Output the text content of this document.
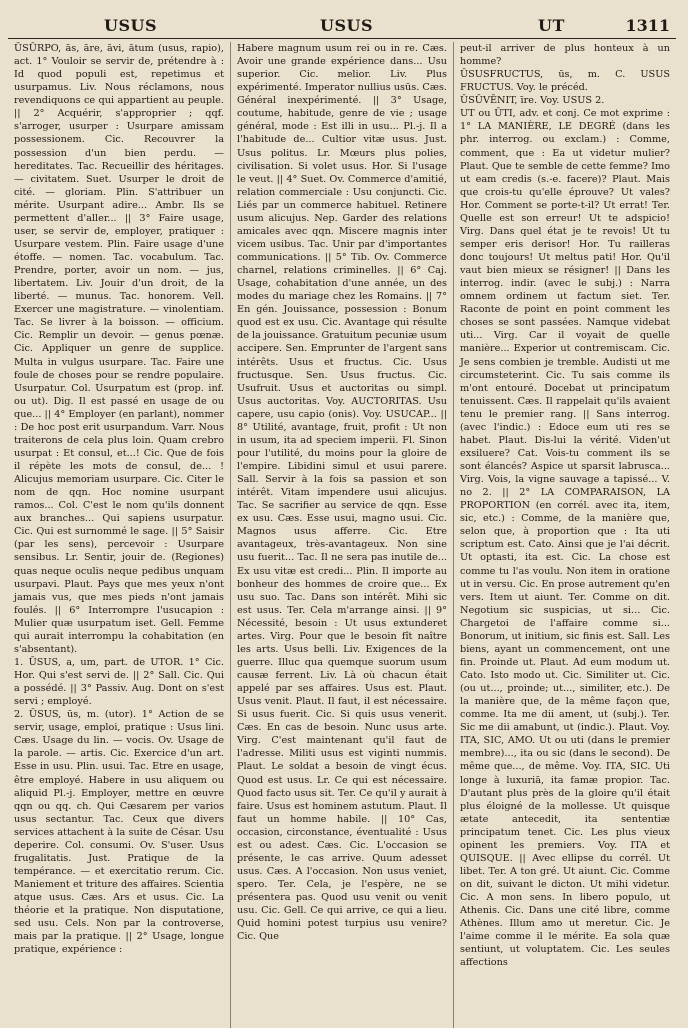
USUS	USUS	UT	1311

ŪSŪRPO, ās, āre, āvi, ātum (usus, rapio), act. 1° Vouloir se servir de, prétendre à : Id quod populi est, repetimus et usurpamus. Liv. Nous réclamons, nous revendiquons ce qui appartient au peuple. || 2° Acquérir, s'approprier ; qqf. s'arroger, usurper : Usurpare amissam possessionem. Cic. Recouvrer la possession d'un bien perdu. — hereditates. Tac. Recueillir des héritages. — civitatem. Suet. Usurper le droit de cité. — gloriam. Plin. S'attribuer un mérite. Usurpant adire... Ambr. Ils se permettent d'aller... || 3° Faire usage, user, se servir de, employer, pratiquer : Usurpare vestem. Plin. Faire usage d'une étoffe. — nomen. Tac. vocabulum. Tac. Prendre, porter, avoir un nom. — jus, libertatem. Liv. Jouir d'un droit, de la liberté. — munus. Tac. honorem. Vell. Exercer une magistrature. — vinolentiam. Tac. Se livrer à la boisson. — officium. Cic. Remplir un devoir. — genus pœnæ. Cic. Appliquer un genre de supplice. Multa in vulgus usurpare. Tac. Faire une foule de choses pour se rendre populaire. Usurpatur. Col. Usurpatum est (prop. inf. ou ut). Dig. Il est passé en usage de ou que... || 4° Employer (en parlant), nommer : De hoc post erit usurpandum. Varr. Nous traiterons de cela plus loin. Quam crebro usurpat : Et consul, et...! Cic. Que de fois il répète les mots de consul, de... ! Alicujus memoriam usurpare. Cic. Citer le nom de qqn. Hoc nomine usurpant ramos... Col. C'est le nom qu'ils donnent aux branches... Qui sapiens usurpatur. Cic. Qui est surnommé le sage. || 5° Saisir (par les sens), percevoir : Usurpare sensibus. Lr. Sentir, jouir de. (Regiones) quas neque oculis neque pedibus unquam usurpavi. Plaut. Pays que mes yeux n'ont jamais vus, que mes pieds n'ont jamais foulés. || 6° Interrompre l'usucapion : Mulier quæ usurpatum iset. Gell. Femme qui aurait interrompu la cohabitation (en s'absentant).

1. ŪSUS, a, um, part. de UTOR. 1° Cic. Hor. Qui s'est servi de. || 2° Sall. Cic. Qui a possédé. || 3° Passiv. Aug. Dont on s'est servi ; employé.

2. ŪSUS, ūs, m. (utor). 1° Action de se servir, usage, emploi, pratique : Usus lini. Cæs. Usage du lin. — vocis. Ov. Usage de la parole. — artis. Cic. Exercice d'un art. Esse in usu. Plin. usui. Tac. Etre en usage, être employé. Habere in usu aliquem ou aliquid Pl.-j. Employer, mettre en œuvre qqn ou qq. ch. Qui Cæsarem per varios usus sectantur. Tac. Ceux que divers services attachent à la suite de César. Usu deperire. Col. consumi. Ov. S'user. Usus frugalitatis. Just. Pratique de la tempérance. — et exercitatio rerum. Cic. Maniement et triture des affaires. Scientia atque usus. Cæs. Ars et usus. Cic. La théorie et la pratique. Non disputatione, sed usu. Cels. Non par la controverse, mais par la pratique. || 2° Usage, longue pratique, expérience :

Habere magnum usum rei ou in re. Cæs. Avoir une grande expérience dans... Usu superior. Cic. melior. Liv. Plus expérimenté. Imperator nullius usūs. Cæs. Général inexpérimenté. || 3° Usage, coutume, habitude, genre de vie ; usage général, mode : Est illi in usu... Pl.-j. Il a l'habitude de... Cultior vitæ usus. Just. Usus politus. Lr. Mœurs plus polies, civilisation. Si volet usus. Hor. Si l'usage le veut. || 4° Suet. Ov. Commerce d'amitié, relation commerciale : Usu conjuncti. Cic. Liés par un commerce habituel. Retinere usum alicujus. Nep. Garder des relations amicales avec qqn. Miscere magnis inter vicem usibus. Tac. Unir par d'importantes communications. || 5° Tib. Ov. Commerce charnel, relations criminelles. || 6° Caj. Usage, cohabitation d'une année, un des modes du mariage chez les Romains. || 7° En gén. Jouissance, possession : Bonum quod est ex usu. Cic. Avantage qui résulte de la jouissance. Gratuitum pecuniæ usum accipere. Sen. Emprunter de l'argent sans intérêts. Usus et fructus. Cic. Usus fructusque. Sen. Usus fructus. Cic. Usufruit. Usus et auctoritas ou simpl. Usus auctoritas. Voy. AUCTORITAS. Usu capere, usu capio (onis). Voy. USUCAP... || 8° Utilité, avantage, fruit, profit : Ut non in usum, ita ad speciem imperii. Fl. Sinon pour l'utilité, du moins pour la gloire de l'empire. Libidini simul et usui parere. Sall. Servir à la fois sa passion et son intérêt. Vitam impendere usui alicujus. Tac. Se sacrifier au service de qqn. Esse ex usu. Cæs. Esse usui, magno usui. Cic. Magnos usus afferre. Cic. Etre avantageux, très-avantageux. Non sine usu fuerit... Tac. Il ne sera pas inutile de... Ex usu vitæ est credi... Plin. Il importe au bonheur des hommes de croire que... Ex usu suo. Tac. Dans son intérêt. Mihi sic est usus. Ter. Cela m'arrange ainsi. || 9° Nécessité, besoin : Ut usus extunderet artes. Virg. Pour que le besoin fît naître les arts. Usus belli. Liv. Exigences de la guerre. Illuc qua quemque suorum usum causæ ferrent. Liv. Là où chacun était appelé par ses affaires. Usus est. Plaut. Usus venit. Plaut. Il faut, il est nécessaire. Si usus fuerit. Cic. Si quis usus venerit. Cæs. En cas de besoin. Nunc usus arte. Virg. C'est maintenant qu'il faut de l'adresse. Militi usus est viginti nummis. Plaut. Le soldat a besoin de vingt écus. Quod est usus. Lr. Ce qui est nécessaire. Quod facto usus sit. Ter. Ce qu'il y aurait à faire. Usus est hominem astutum. Plaut. Il faut un homme habile. || 10° Cas, occasion, circonstance, éventualité : Usus est ou adest. Cæs. Cic. L'occasion se présente, le cas arrive. Quum adesset usus. Cæs. A l'occasion. Non usus veniet, spero. Ter. Cela, je l'espère, ne se présentera pas. Quod usu venit ou venit usu. Cic. Gell. Ce qui arrive, ce qui a lieu. Quid homini potest turpius usu venire? Cic. Que

peut-il arriver de plus honteux à un homme?

ŪSUSFRUCTUS, ūs, m. C. USUS FRUCTUS. Voy. le précéd.

ŪSŪVĒNIT, īre. Voy. USUS 2.

UT ou ŪTI, adv. et conj. Ce mot exprime : 1° LA MANIÈRE, LE DEGRÉ (dans les phr. interrog. ou exclam.) : Comme, comment, que : Ea ut videtur mulier? Plaut. Que te semble de cette femme? Imo ut eam credis (s.-e. facere)? Plaut. Mais que crois-tu qu'elle éprouve? Ut vales? Hor. Comment se porte-t-il? Ut errat! Ter. Quelle est son erreur! Ut te adspicio! Virg. Dans quel état je te revois! Ut tu semper eris derisor! Hor. Tu railleras donc toujours! Ut meltus pati! Hor. Qu'il vaut bien mieux se résigner! || Dans les interrog. indir. (avec le subj.) : Narra omnem ordinem ut factum siet. Ter. Raconte de point en point comment les choses se sont passées. Namque videbat uti... Virg. Car il voyait de quelle manière... Experior ut contremiscam. Cic. Je sens combien je tremble. Audisti ut me circumsteterint. Cic. Tu sais comme ils m'ont entouré. Docebat ut principatum tenuissent. Cæs. Il rappelait qu'ils avaient tenu le premier rang. || Sans interrog. (avec l'indic.) : Edoce eum uti res se habet. Plaut. Dis-lui la vérité. Viden'ut exsiluere? Cat. Vois-tu comment ils se sont élancés? Aspice ut sparsit labrusca... Virg. Vois, la vigne sauvage a tapissé... V. no 2. || 2° LA COMPARAISON, LA PROPORTION (en corrél. avec ita, item, sic, etc.) : Comme, de la manière que, selon que, à proportion que : Ita uti scriptum est. Cato. Ainsi que je l'ai décrit. Ut optasti, ita est. Cic. La chose est comme tu l'as voulu. Non item in oratione ut in versu. Cic. En prose autrement qu'en vers. Item ut aiunt. Ter. Comme on dit. Negotium sic suspicias, ut si... Cic. Chargetoi de l'affaire comme si... Bonorum, ut initium, sic finis est. Sall. Les biens, ayant un commencement, ont une fin. Proinde ut. Plaut. Ad eum modum ut. Cato. Isto modo ut. Cic. Similiter ut. Cic. (ou ut..., proinde; ut..., similiter, etc.). De la manière que, de la même façon que, comme. Ita me dii ament, ut (subj.). Ter. Sic me dii amabunt, ut (indic.). Plaut. Voy. ITA, SIC, AMO. Ut ou uti (dans le premier membre)..., ita ou sic (dans le second). De même que..., de même. Voy. ITA, SIC. Uti longe à luxuriā, ita famæ propior. Tac. D'autant plus près de la gloire qu'il était plus éloigné de la mollesse. Ut quisque ætate antecedit, ita sententiæ principatum tenet. Cic. Les plus vieux opinent les premiers. Voy. ITA et QUISQUE. || Avec ellipse du corrél. Ut libet. Ter. A ton gré. Ut aiunt. Cic. Comme on dit, suivant le dicton. Ut mihi videtur. Cic. A mon sens. In libero populo, ut Athenis. Cic. Dans une cité libre, comme Athènes. Illum amo ut meretur. Cic. Je l'aime comme il le mérite. Ea sola quæ sentiunt, ut voluptatem. Cic. Les seules affections
